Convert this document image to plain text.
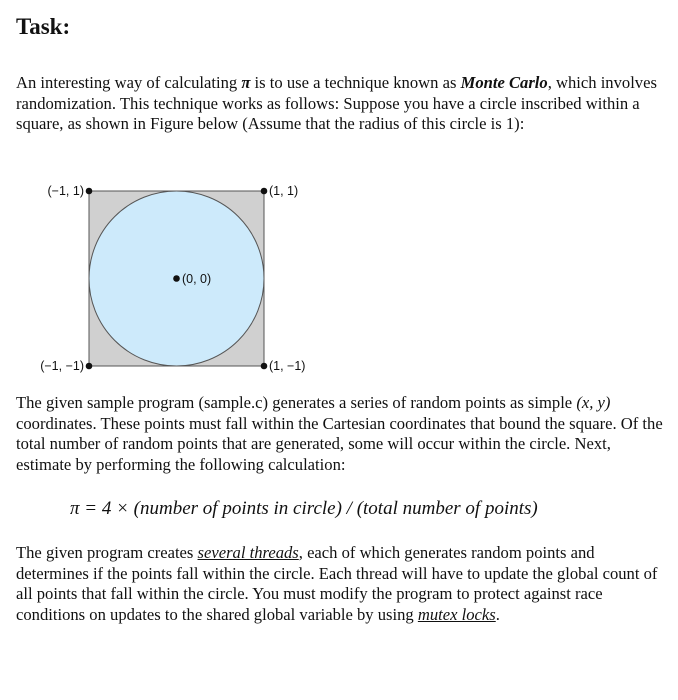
Task:

An interesting way of calculating π is to use a technique known as Monte Carlo, which involves randomization. This technique works as follows: Suppose you have a circle inscribed within a square, as shown in Figure below (Assume that the radius of this circle is 1):

(−1, 1)	(1, 1)
(0, 0)
(−1, −1)	(1, −1)

The given sample program (sample.c) generates a series of random points as simple (x, y) coordinates. These points must fall within the Cartesian coordinates that bound the square. Of the total number of random points that are generated, some will occur within the circle. Next, estimate by performing the following calculation:

π = 4 × (number of points in circle) / (total number of points)

The given program creates several threads, each of which generates random points and determines if the points fall within the circle. Each thread will have to update the global count of all points that fall within the circle. You must modify the program to protect against race conditions on updates to the shared global variable by using mutex locks.
